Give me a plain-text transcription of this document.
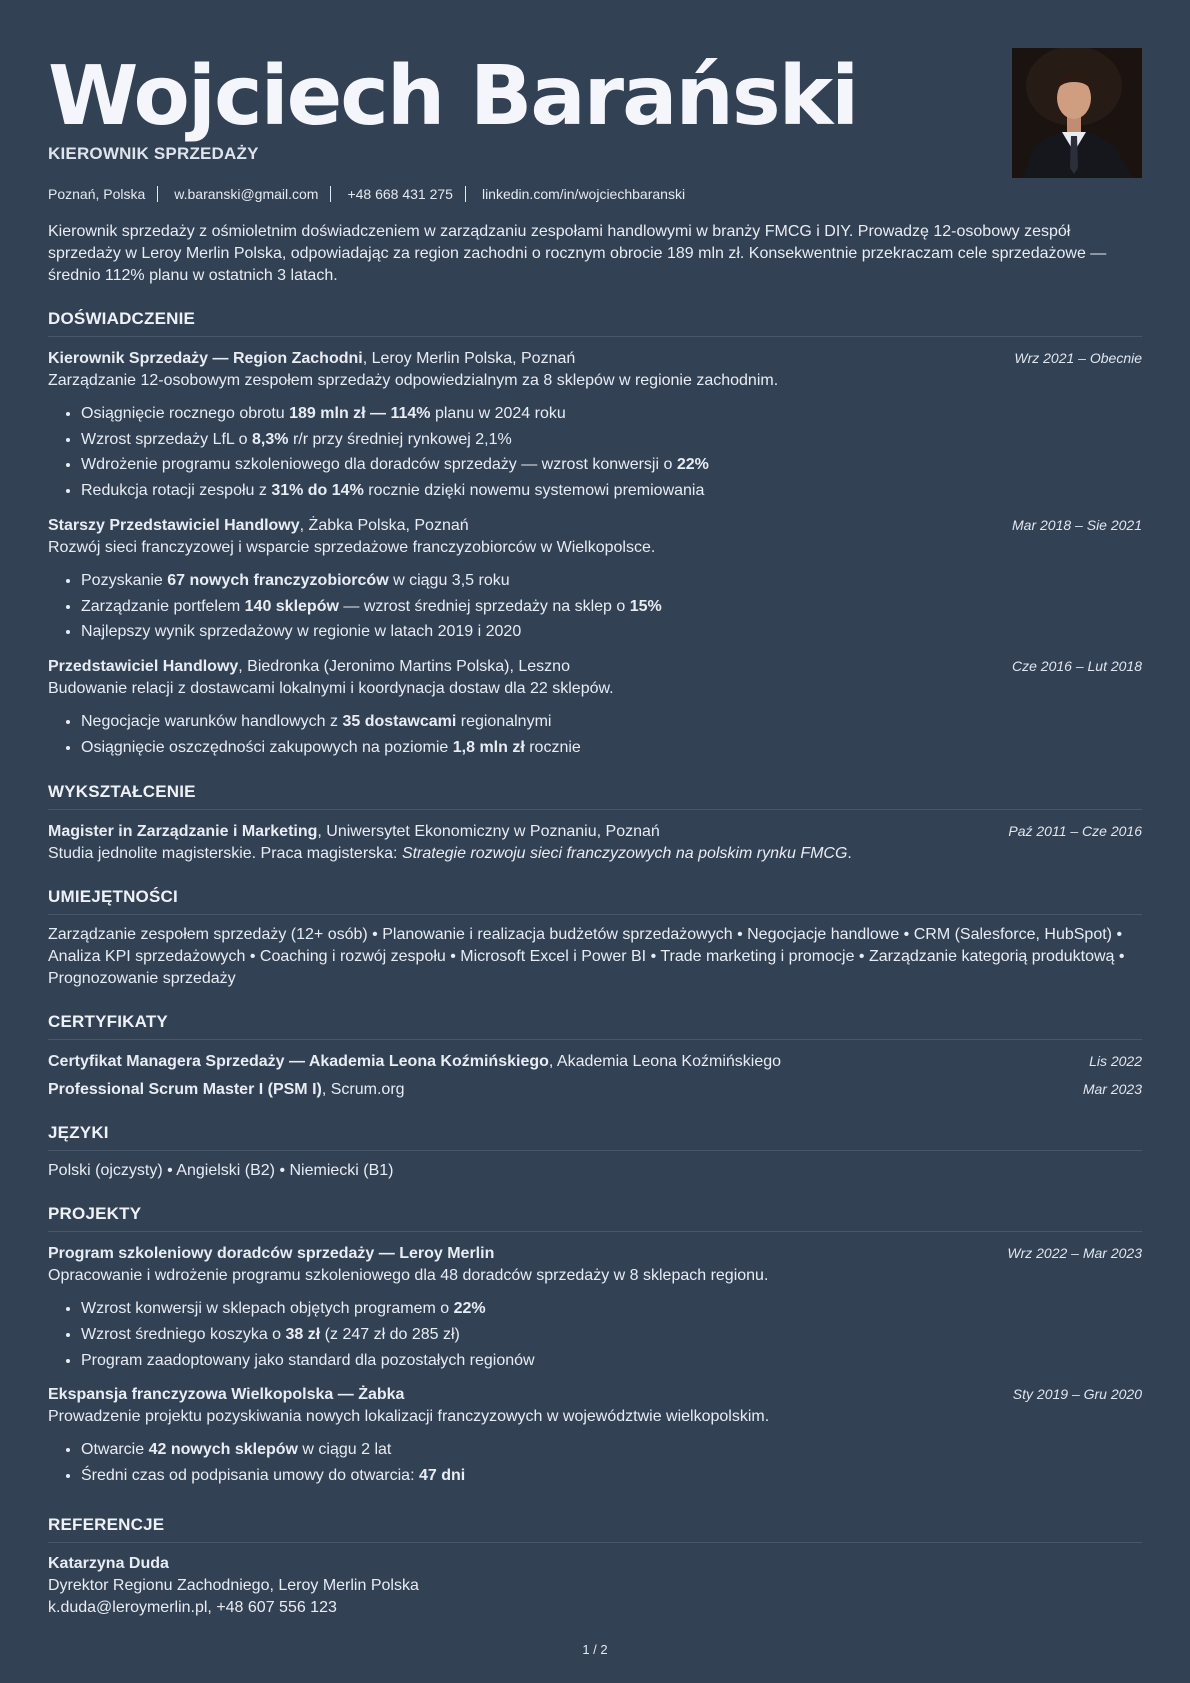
Wojciech Barański
KIEROWNIK SPRZEDAŻY
Poznań, Polska w.baranski@gmail.com +48 668 431 275 linkedin.com/in/wojciechbaranski
Kierownik sprzedaży z ośmioletnim doświadczeniem w zarządzaniu zespołami handlowymi w branży FMCG i DIY. Prowadzę 12-osobowy zespół sprzedaży w Leroy Merlin Polska, odpowiadając za region zachodni o rocznym obrocie 189 mln zł. Konsekwentnie przekraczam cele sprzedażowe — średnio 112% planu w ostatnich 3 latach.
DOŚWIADCZENIE
Kierownik Sprzedaży — Region Zachodni, Leroy Merlin Polska, Poznań	Wrz 2021 – Obecnie
Zarządzanie 12-osobowym zespołem sprzedaży odpowiedzialnym za 8 sklepów w regionie zachodnim.
• Osiągnięcie rocznego obrotu 189 mln zł — 114% planu w 2024 roku
• Wzrost sprzedaży LfL o 8,3% r/r przy średniej rynkowej 2,1%
• Wdrożenie programu szkoleniowego dla doradców sprzedaży — wzrost konwersji o 22%
• Redukcja rotacji zespołu z 31% do 14% rocznie dzięki nowemu systemowi premiowania
Starszy Przedstawiciel Handlowy, Żabka Polska, Poznań	Mar 2018 – Sie 2021
Rozwój sieci franczyzowej i wsparcie sprzedażowe franczyzobiorców w Wielkopolsce.
• Pozyskanie 67 nowych franczyzobiorców w ciągu 3,5 roku
• Zarządzanie portfelem 140 sklepów — wzrost średniej sprzedaży na sklep o 15%
• Najlepszy wynik sprzedażowy w regionie w latach 2019 i 2020
Przedstawiciel Handlowy, Biedronka (Jeronimo Martins Polska), Leszno	Cze 2016 – Lut 2018
Budowanie relacji z dostawcami lokalnymi i koordynacja dostaw dla 22 sklepów.
• Negocjacje warunków handlowych z 35 dostawcami regionalnymi
• Osiągnięcie oszczędności zakupowych na poziomie 1,8 mln zł rocznie
WYKSZTAŁCENIE
Magister in Zarządzanie i Marketing, Uniwersytet Ekonomiczny w Poznaniu, Poznań	Paź 2011 – Cze 2016
Studia jednolite magisterskie. Praca magisterska: Strategie rozwoju sieci franczyzowych na polskim rynku FMCG.
UMIEJĘTNOŚCI
Zarządzanie zespołem sprzedaży (12+ osób) • Planowanie i realizacja budżetów sprzedażowych • Negocjacje handlowe • CRM (Salesforce, HubSpot) • Analiza KPI sprzedażowych • Coaching i rozwój zespołu • Microsoft Excel i Power BI • Trade marketing i promocje • Zarządzanie kategorią produktową • Prognozowanie sprzedaży
CERTYFIKATY
Certyfikat Managera Sprzedaży — Akademia Leona Koźmińskiego, Akademia Leona Koźmińskiego	Lis 2022
Professional Scrum Master I (PSM I), Scrum.org	Mar 2023
JĘZYKI
Polski (ojczysty) • Angielski (B2) • Niemiecki (B1)
PROJEKTY
Program szkoleniowy doradców sprzedaży — Leroy Merlin	Wrz 2022 – Mar 2023
Opracowanie i wdrożenie programu szkoleniowego dla 48 doradców sprzedaży w 8 sklepach regionu.
• Wzrost konwersji w sklepach objętych programem o 22%
• Wzrost średniego koszyka o 38 zł (z 247 zł do 285 zł)
• Program zaadoptowany jako standard dla pozostałych regionów
Ekspansja franczyzowa Wielkopolska — Żabka	Sty 2019 – Gru 2020
Prowadzenie projektu pozyskiwania nowych lokalizacji franczyzowych w województwie wielkopolskim.
• Otwarcie 42 nowych sklepów w ciągu 2 lat
• Średni czas od podpisania umowy do otwarcia: 47 dni
REFERENCJE
Katarzyna Duda
Dyrektor Regionu Zachodniego, Leroy Merlin Polska
k.duda@leroymerlin.pl, +48 607 556 123
1 / 2
